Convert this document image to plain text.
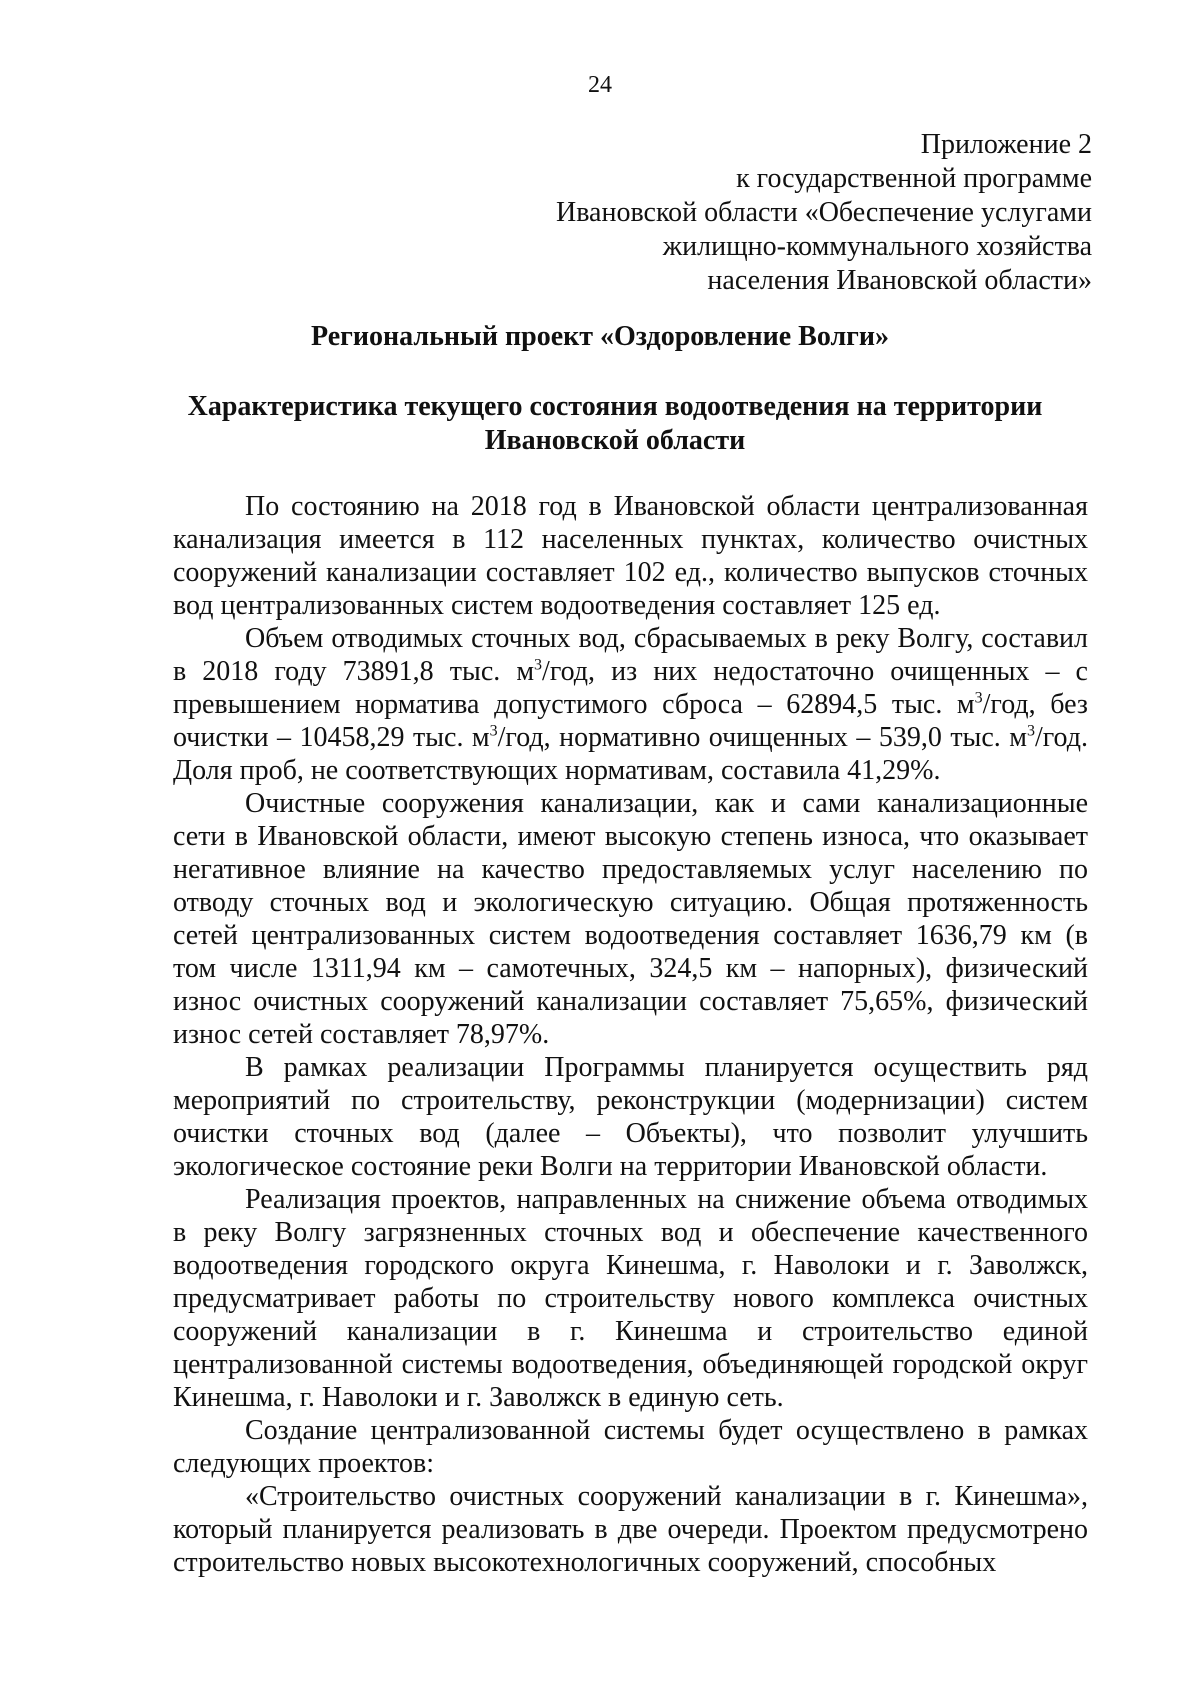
24
Приложение 2
к государственной программе
Ивановской области «Обеспечение услугами
жилищно-коммунального хозяйства
населения Ивановской области»
Региональный проект «Оздоровление Волги»
Характеристика текущего состояния водоотведения на территории
Ивановской области

По состоянию на 2018 год в Ивановской области централизованная канализация имеется в 112 населенных пунктах, количество очистных сооружений канализации составляет 102 ед., количество выпусков сточных вод централизованных систем водоотведения составляет 125 ед.

Объем отводимых сточных вод, сбрасываемых в реку Волгу, составил в 2018 году 73891,8 тыс. $м^3$/год, из них недостаточно очищенных – с превышением норматива допустимого сброса – 62894,5 тыс. $м^3$/год, без очистки – 10458,29 тыс. $м^3$/год, нормативно очищенных – 539,0 тыс. $м^3$/год. Доля проб, не соответствующих нормативам, составила 41,29%.

Очистные сооружения канализации, как и сами канализационные сети в Ивановской области, имеют высокую степень износа, что оказывает негативное влияние на качество предоставляемых услуг населению по отводу сточных вод и экологическую ситуацию. Общая протяженность сетей централизованных систем водоотведения составляет 1636,79 км (в том числе 1311,94 км – самотечных, 324,5 км – напорных), физический износ очистных сооружений канализации составляет 75,65%, физический износ сетей составляет 78,97%.

В рамках реализации Программы планируется осуществить ряд мероприятий по строительству, реконструкции (модернизации) систем очистки сточных вод (далее – Объекты), что позволит улучшить экологическое состояние реки Волги на территории Ивановской области.

Реализация проектов, направленных на снижение объема отводимых в реку Волгу загрязненных сточных вод и обеспечение качественного водоотведения городского округа Кинешма, г. Наволоки и г. Заволжск, предусматривает работы по строительству нового комплекса очистных сооружений канализации в г. Кинешма и строительство единой централизованной системы водоотведения, объединяющей городской округ Кинешма, г. Наволоки и г. Заволжск в единую сеть.

Создание централизованной системы будет осуществлено в рамках следующих проектов:

«Строительство очистных сооружений канализации в г. Кинешма», который планируется реализовать в две очереди. Проектом предусмотрено строительство новых высокотехнологичных сооружений, способных
